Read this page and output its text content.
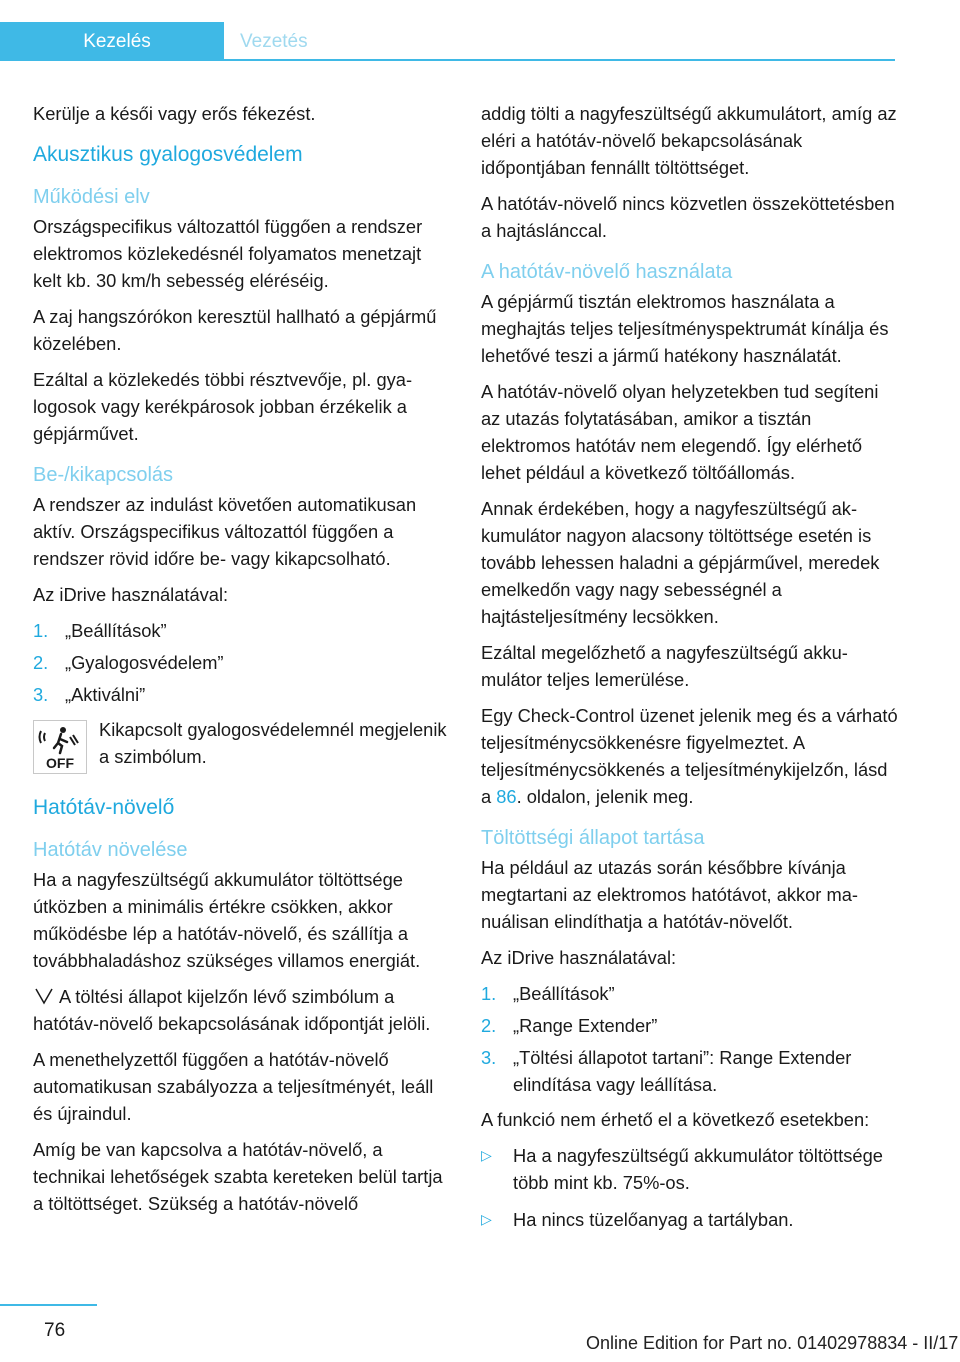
Kezelés	Vezetés

Kerülje a késői vagy erős fékezést.

Akusztikus gyalogosvédelem
Működési elv

Országspecifikus változattól függően a rendszer elektromos közlekedésnél folyamatos menetzajt kelt kb. 30 km/h sebesség eléréséig.

A zaj hangszórókon keresztül hallható a gépjármű közelében.

Ezáltal a közlekedés többi résztvevője, pl. gyalogosok vagy kerékpárosok jobban érzékelik a gépjárművet.

Be-/kikapcsolás

A rendszer az indulást követően automatikusan aktív. Országspecifikus változattól függően a rendszer rövid időre be- vagy kikapcsolható.

Az iDrive használatával:

1. „Beállítások”
2. „Gyalogosvédelem”
3. „Aktiválni”
OFF

Kikapcsolt gyalogosvédelemnél megjelenik a szimbólum.

Hatótáv-növelő
Hatótáv növelése

Ha a nagyfeszültségű akkumulátor töltöttsége útközben a minimális értékre csökken, akkor működésbe lép a hatótáv-növelő, és szállítja a továbbhaladáshoz szükséges villamos energiát.

A töltési állapot kijelzőn lévő szimbólum a hatótáv-növelő bekapcsolásának időpontját jelöli.

A menethelyzettől függően a hatótáv-növelő automatikusan szabályozza a teljesítményét, leáll és újraindul.

Amíg be van kapcsolva a hatótáv-növelő, a technikai lehetőségek szabta kereteken belül tartja a töltöttséget. Szükség a hatótáv-növelő

addig tölti a nagyfeszültségű akkumulátort, amíg az eléri a hatótáv-növelő bekapcsolásának időpontjában fennállt töltöttséget.

A hatótáv-növelő nincs közvetlen összeköttetésben a hajtáslánccal.

A hatótáv-növelő használata

A gépjármű tisztán elektromos használata a meghajtás teljes teljesítményspektrumát kínálja és lehetővé teszi a jármű hatékony használatát.

A hatótáv-növelő olyan helyzetekben tud segíteni az utazás folytatásában, amikor a tisztán elektromos hatótáv nem elegendő. Így elérhető lehet például a következő töltőállomás.

Annak érdekében, hogy a nagyfeszültségű akkumulátor nagyon alacsony töltöttsége esetén is tovább lehessen haladni a gépjárművel, meredek emelkedőn vagy nagy sebességnél a hajtásteljesítmény lecsökken.

Ezáltal megelőzhető a nagyfeszültségű akkumulátor teljes lemerülése.

Egy Check-Control üzenet jelenik meg és a várható teljesítménycsökkenésre figyelmeztet. A teljesítménycsökkenés a teljesítménykijelzőn, lásd a 86. oldalon, jelenik meg.

Töltöttségi állapot tartása

Ha például az utazás során későbbre kívánja megtartani az elektromos hatótávot, akkor manuálisan elindíthatja a hatótáv-növelőt.

Az iDrive használatával:

1. „Beállítások”
2. „Range Extender”
3. „Töltési állapotot tartani”: Range Extender elindítása vagy leállítása.

A funkció nem érhető el a következő esetekben:

▷ Ha a nagyfeszültségű akkumulátor töltöttsége több mint kb. 75%-os.
▷ Ha nincs tüzelőanyag a tartályban.
76
Online Edition for Part no. 01402978834 - II/17
